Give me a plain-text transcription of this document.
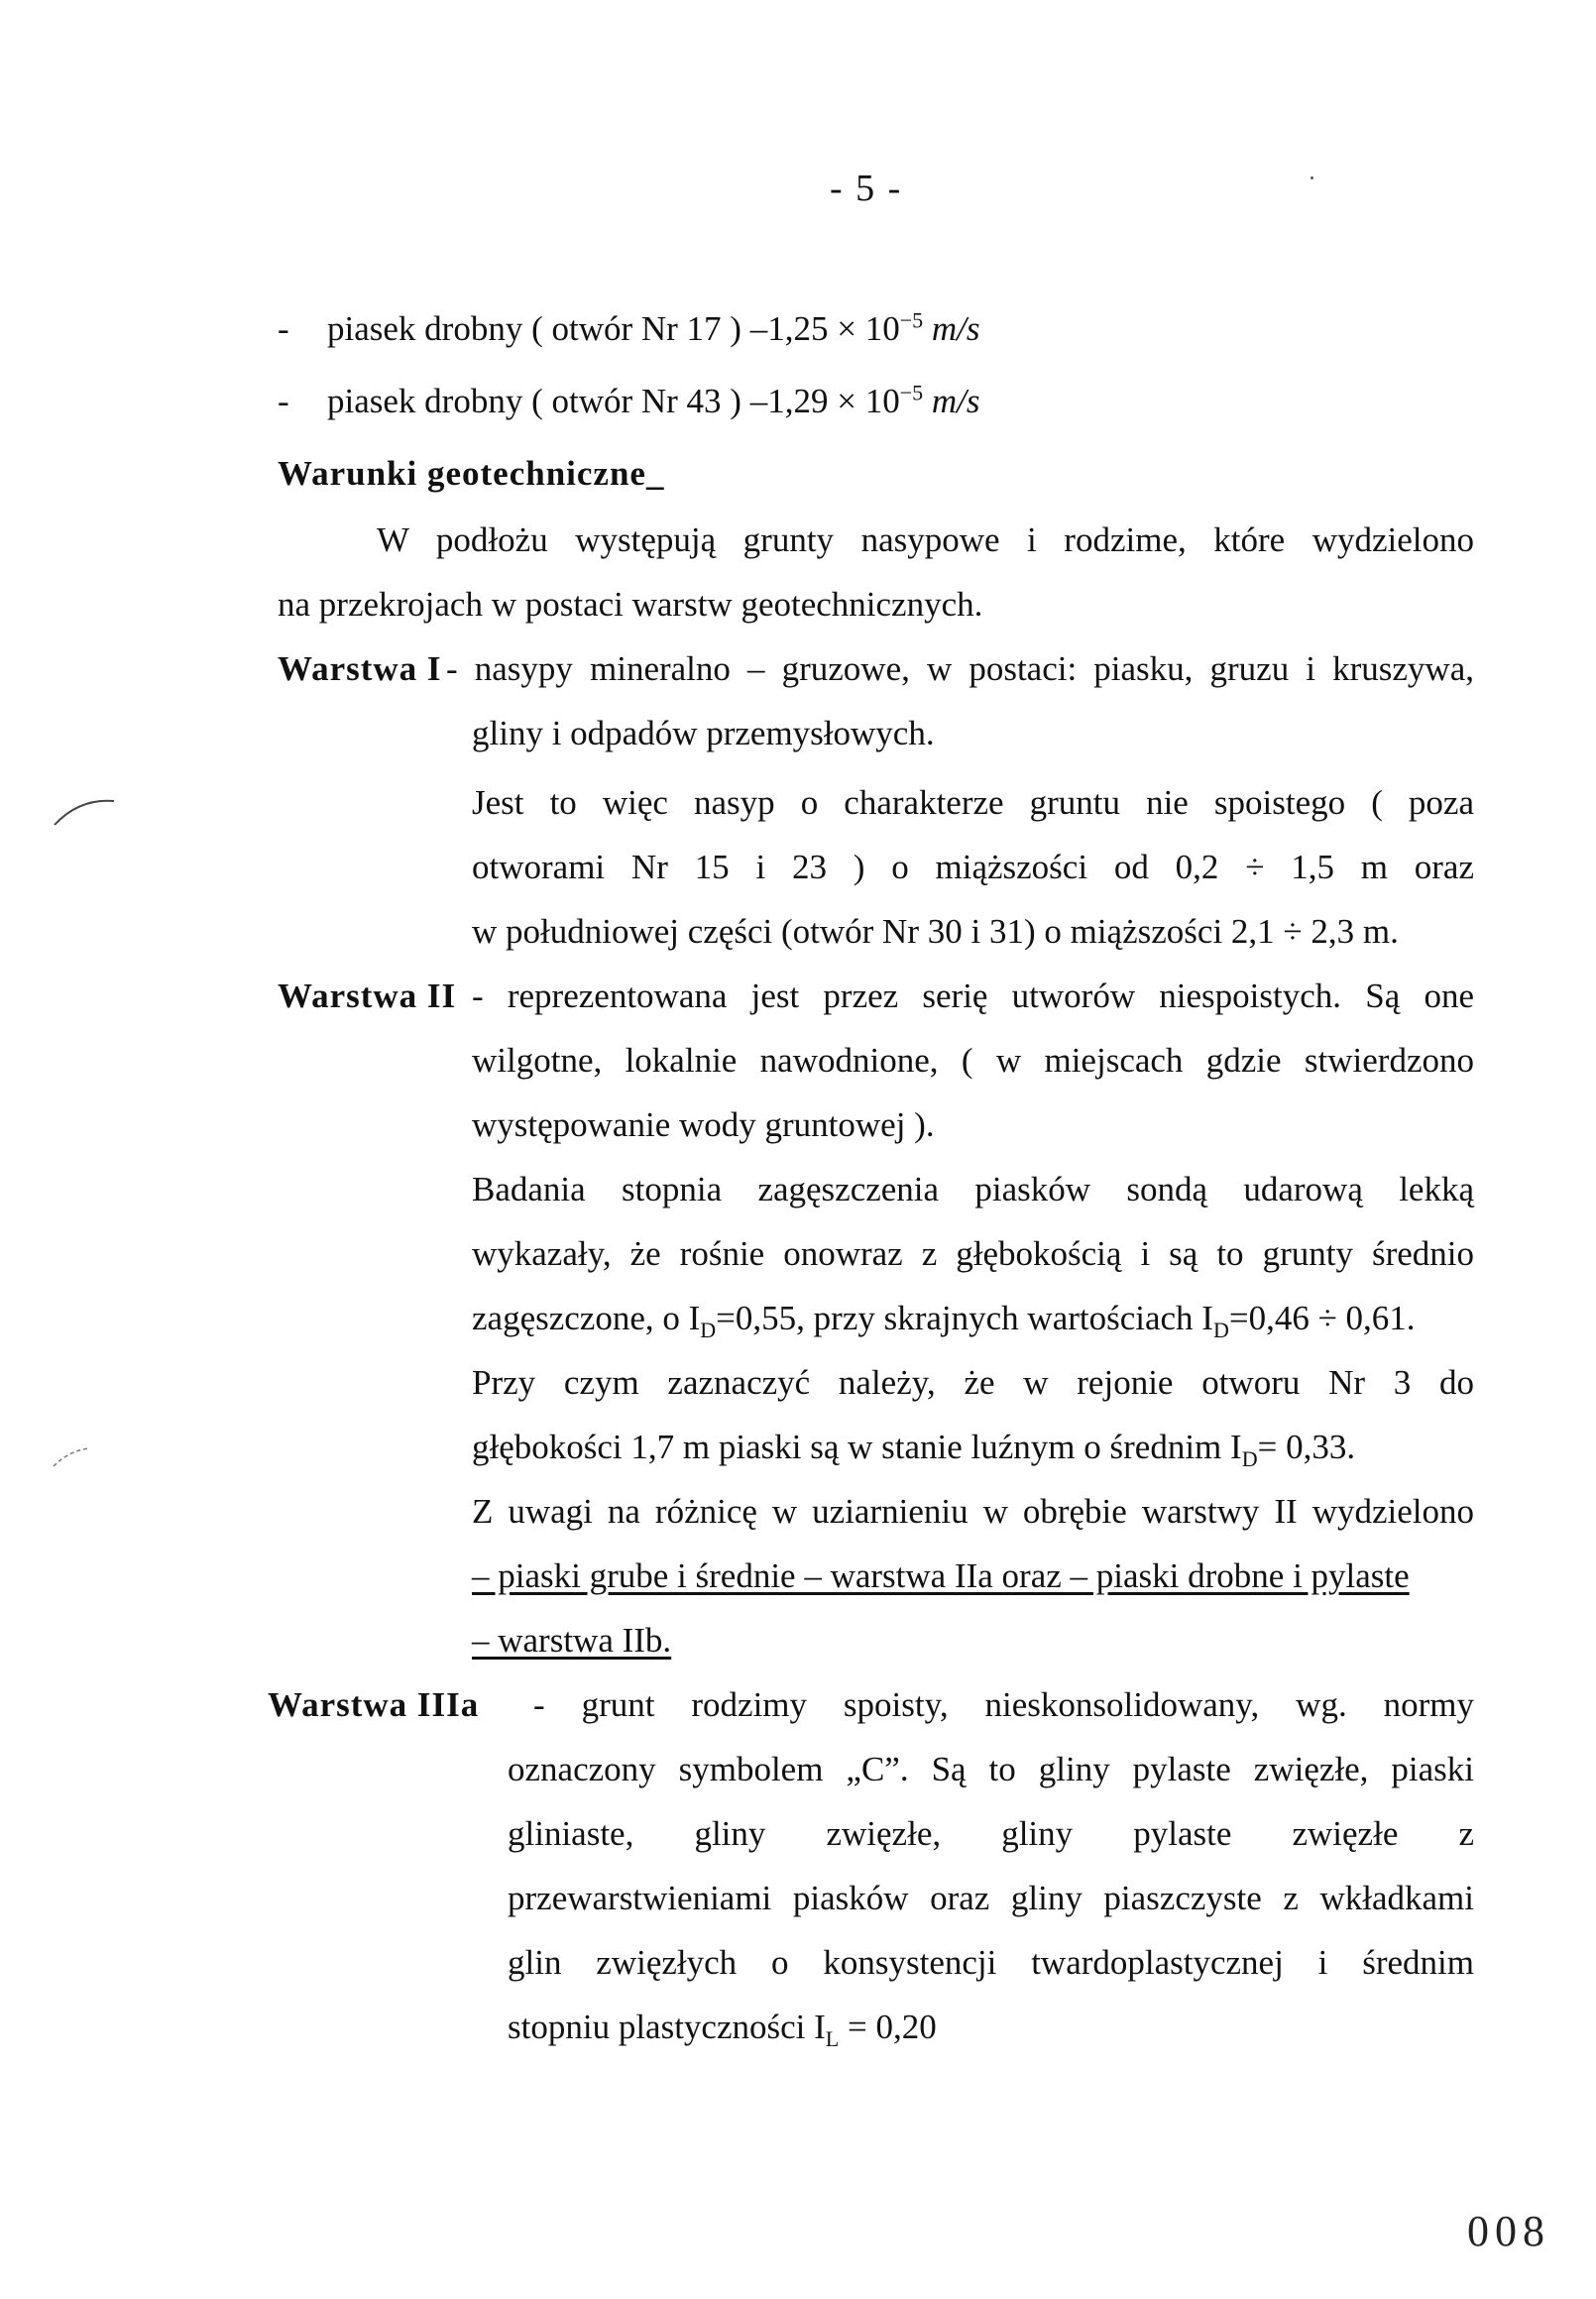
- 5 -
- piasek drobny ( otwór Nr 17 ) $-1,25 \times 10^{-5}$ m/s
- piasek drobny ( otwór Nr 43 ) $-1,29 \times 10^{-5}$ m/s
Warunki geotechniczne_
W podłożu występują grunty nasypowe i rodzime, które wydzielono
na przekrojach w postaci warstw geotechnicznych.
Warstwa I - nasypy mineralno – gruzowe, w postaci: piasku, gruzu i kruszywa,
gliny i odpadów przemysłowych.
Jest to więc nasyp o charakterze gruntu nie spoistego ( poza
otworami Nr 15 i 23 ) o miąższości od 0,2 ÷ 1,5 m oraz
w południowej części (otwór Nr 30 i 31) o miąższości 2,1 ÷ 2,3 m.
Warstwa II - reprezentowana jest przez serię utworów niespoistych. Są one
wilgotne, lokalnie nawodnione, ( w miejscach gdzie stwierdzono
występowanie wody gruntowej ).
Badania stopnia zagęszczenia piasków sondą udarową lekką
wykazały, że rośnie onowraz z głębokością i są to grunty średnio
zagęszczone, o $I_D=0,55$, przy skrajnych wartościach $I_D=0,46 \div 0,61$.
Przy czym zaznaczyć należy, że w rejonie otworu Nr 3 do
głębokości 1,7 m piaski są w stanie luźnym o średnim $I_D= 0,33$.
Z uwagi na różnicę w uziarnieniu w obrębie warstwy II wydzielono
– piaski grube i średnie – warstwa IIa oraz – piaski drobne i pylaste
– warstwa IIb.
Warstwa IIIa - grunt rodzimy spoisty, nieskonsolidowany, wg. normy
oznaczony symbolem „C”. Są to gliny pylaste zwięzłe, piaski
gliniaste, gliny zwięzłe, gliny pylaste zwięzłe z
przewarstwieniami piasków oraz gliny piaszczyste z wkładkami
glin zwięzłych o konsystencji twardoplastycznej i średnim
stopniu plastyczności $I_L = 0,20$
008
